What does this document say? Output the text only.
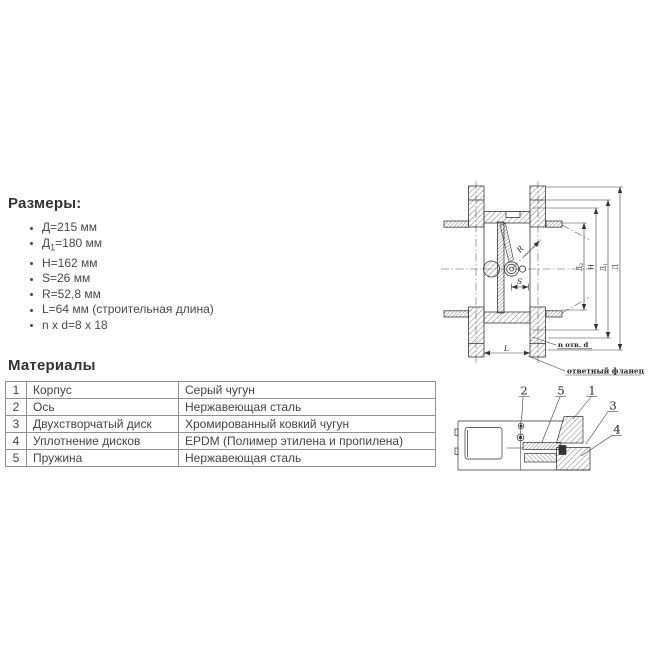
Размеры:
Д=215 мм
$Д_1=180$ мм
H=162 мм
S=26 мм
R=52,8 мм
L=64 мм (строительная длина)
n x d=8 x 18
Материалы
1	Корпус	Серый чугун
2	Ось	Нержавеющая сталь
3	Двухстворчатый диск	Хромированный ковкий чугун
4	Уплотнение дисков	EPDM (Полимер этилена и пропилена)
5	Пружина	Нержавеющая сталь
R
S
L
$Д_2$ H $Д_1$ Д
n отв. d
ответный фланец
2	5 1
3
4
